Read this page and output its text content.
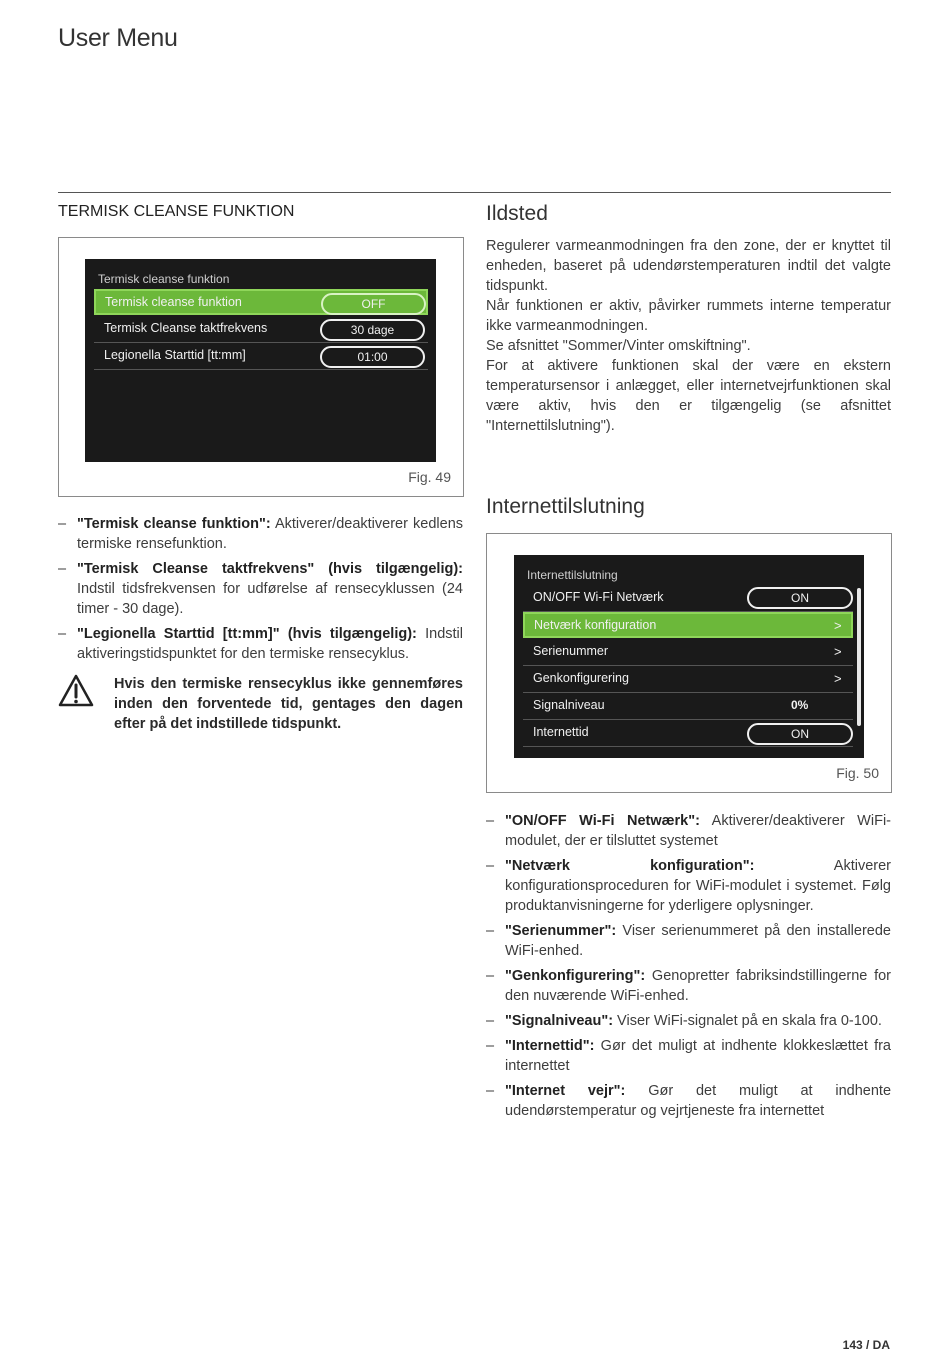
User Menu
TERMISK CLEANSE FUNKTION
Termisk cleanse funktion
Termisk cleanse funktion	OFF
Termisk Cleanse taktfrekvens	30 dage
Legionella Starttid [tt:mm]	01:00
Fig. 49
– "Termisk cleanse funktion": Aktiverer/deaktiverer kedlens termiske rensefunktion.
– "Termisk Cleanse taktfrekvens" (hvis tilgængelig): Indstil tidsfrekvensen for udførelse af rensecyklussen (24 timer - 30 dage).
– "Legionella Starttid [tt:mm]" (hvis tilgængelig): Indstil aktiveringstidspunktet for den termiske rensecyklus.
Hvis den termiske rensecyklus ikke gennemføres inden den forventede tid, gentages den dagen efter på det indstillede tidspunkt.
Ildsted
Regulerer varmeanmodningen fra den zone, der er knyttet til enheden, baseret på udendørstemperaturen indtil det valgte tidspunkt.
Når funktionen er aktiv, påvirker rummets interne temperatur ikke varmeanmodningen.
Se afsnittet "Sommer/Vinter omskiftning".
For at aktivere funktionen skal der være en ekstern temperatursensor i anlægget, eller internetvejrfunktionen skal være aktiv, hvis den er tilgængelig (se afsnittet "Internettilslutning").
Internettilslutning
Internettilslutning
ON/OFF Wi-Fi Netværk	ON
Netværk konfiguration	>
Serienummer	>
Genkonfigurering	>
Signalniveau	0%
Internettid	ON
Fig. 50
– "ON/OFF Wi-Fi Netwærk": Aktiverer/deaktiverer WiFi-modulet, der er tilsluttet systemet
– "Netværk konfiguration": Aktiverer konfigurationsproceduren for WiFi-modulet i systemet. Følg produktanvisningerne for yderligere oplysninger.
– "Serienummer": Viser serienummeret på den installerede WiFi-enhed.
– "Genkonfigurering": Genopretter fabriksindstillingerne for den nuværende WiFi-enhed.
– "Signalniveau": Viser WiFi-signalet på en skala fra 0-100.
– "Internettid": Gør det muligt at indhente klokkeslættet fra internettet
– "Internet vejr": Gør det muligt at indhente udendørstemperatur og vejrtjeneste fra internettet
143 / DA
